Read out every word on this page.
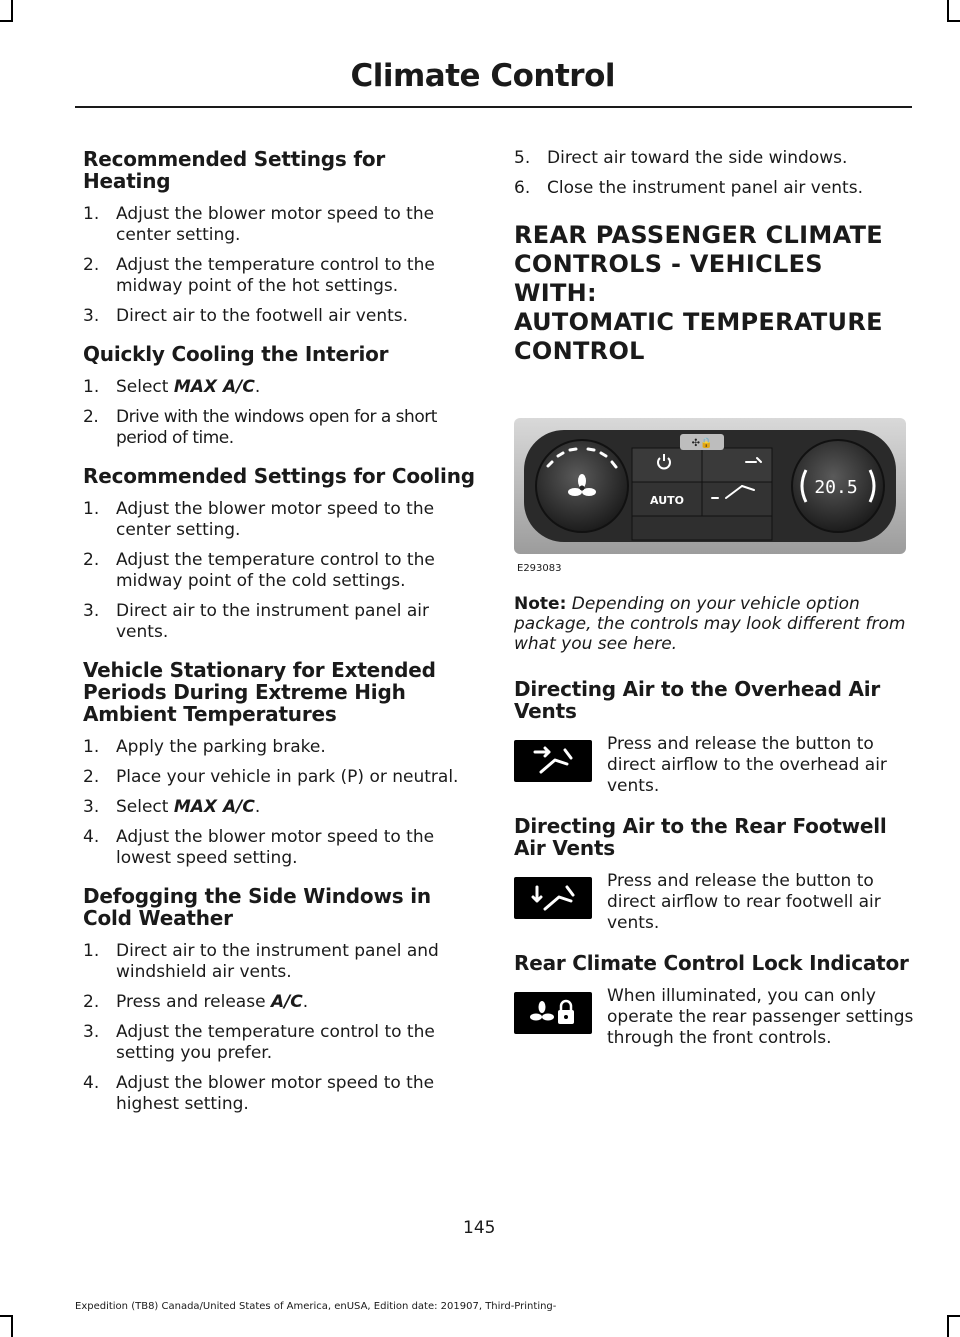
Climate Control
Recommended Settings for Heating
1. Adjust the blower motor speed to the center setting.
2. Adjust the temperature control to the midway point of the hot settings.
3. Direct air to the footwell air vents.
Quickly Cooling the Interior
1. Select MAX A/C.
2. Drive with the windows open for a short period of time.
Recommended Settings for Cooling
1. Adjust the blower motor speed to the center setting.
2. Adjust the temperature control to the midway point of the cold settings.
3. Direct air to the instrument panel air vents.
Vehicle Stationary for Extended Periods During Extreme High Ambient Temperatures
1. Apply the parking brake.
2. Place your vehicle in park (P) or neutral.
3. Select MAX A/C.
4. Adjust the blower motor speed to the lowest speed setting.
Defogging the Side Windows in Cold Weather
1. Direct air to the instrument panel and windshield air vents.
2. Press and release A/C.
3. Adjust the temperature control to the setting you prefer.
4. Adjust the blower motor speed to the highest setting.
5. Direct air toward the side windows.
6. Close the instrument panel air vents.
REAR PASSENGER CLIMATE
CONTROLS - VEHICLES WITH:
AUTOMATIC TEMPERATURE
CONTROL
✣🔒
AUTO
20.5
E293083

Note: Depending on your vehicle option package, the controls may look different from what you see here.

Directing Air to the Overhead Air Vents
Press and release the button to direct airflow to the overhead air vents.
Directing Air to the Rear Footwell Air Vents
Press and release the button to direct airflow to rear footwell air vents.
Rear Climate Control Lock Indicator
When illuminated, you can only operate the rear passenger settings through the front controls.
145
Expedition (TB8) Canada/United States of America, enUSA, Edition date: 201907, Third-Printing-
